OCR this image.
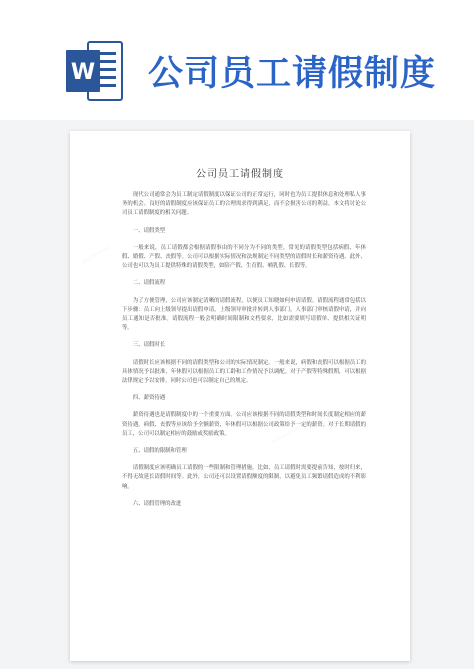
W 公司员工请假制度
▱▱▱▱▱▱▱
▱▱▱▱▱▱▱
公司员工请假制度

现代公司通常会为员工制定请假制度以保证公司的正常运行，同时也为员工提供休息和处理私人事务的机会。良好的请假制度应该保证员工的合理需求得到满足，而不会损害公司的利益。本文将讨论公司员工请假制度的相关问题。

一、请假类型

一般来说，员工请假都会根据请假事由的不同分为不同的类型。常见的请假类型包括病假、年休假、婚假、产假、丧假等。公司可以根据实际情况和法规制定不同类型的请假时长和薪资待遇。此外，公司也可以为员工提供特殊的请假类型，如陪产假、生育假、哺乳假、长假等。

二、请假流程

为了方便管理，公司应该制定清晰的请假流程，以便员工知晓如何申请请假。请假流程通常包括以下步骤：员工向上级领导提出请假申请，上级领导审批并转到人事部门，人事部门审核请假申请，并向员工通知是否批准。请假流程一般会明确时间限制和文档要求，比如需要填写请假单、提供相关证明等。

三、请假时长

请假时长应该根据不同的请假类型和公司的实际情况制定。一般来说，病假和丧假可以根据员工的具体情况予以批准，年休假可以根据员工的工龄和工作情况予以调配。对于产假等特殊假期，可以根据法律规定予以安排。同时公司也可以制定自己的规定。

四、薪资待遇

薪资待遇也是请假制度中的一个重要方面。公司应该根据不同的请假类型和时间长度制定相应的薪资待遇。病假、丧假等应该给予全额薪资，年休假可以根据公司政策给予一定的薪资。对于长期请假的员工，公司可以制定相应的鼓励或奖励政策。

五、请假的限制和管理

请假制度应该明确员工请假的一些限制和管理措施。比如，员工请假时需要提前告知，按时归来，不得无故延长请假时间等。此外，公司还可以设置请假额度的限制，以避免员工频繁请假造成的不利影响。

六、请假管理的改进
